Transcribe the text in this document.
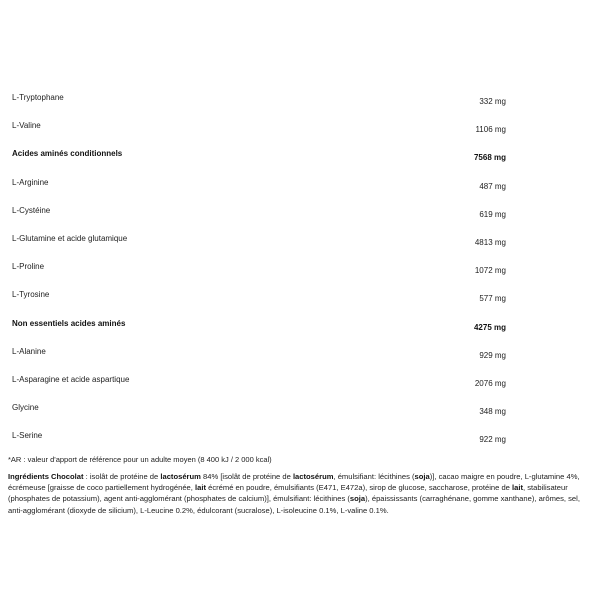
L-Tryptophane	332 mg
L-Valine	1106 mg
Acides aminés conditionnels	7568 mg
L-Arginine	487 mg
L-Cystéine	619 mg
L-Glutamine et acide glutamique	4813 mg
L-Proline	1072 mg
L-Tyrosine	577 mg
Non essentiels acides aminés	4275 mg
L-Alanine	929 mg
L-Asparagine et acide aspartique	2076 mg
Glycine	348 mg
L-Serine	922 mg
*AR : valeur d'apport de référence pour un adulte moyen (8 400 kJ / 2 000 kcal)
Ingrédients Chocolat : isolât de protéine de lactosérum 84% [isolât de protéine de lactosérum, émulsifiant: lécithines (soja)], cacao maigre en poudre, L-glutamine 4%, écrémeuse [graisse de coco partiellement hydrogénée, lait écrémé en poudre, émulsifiants (E471, E472a), sirop de glucose, saccharose, protéine de lait, stabilisateur (phosphates de potassium), agent anti-agglomérant (phosphates de calcium)], émulsifiant: lécithines (soja), épaississants (carraghénane, gomme xanthane), arômes, sel, anti-agglomérant (dioxyde de silicium), L-Leucine 0.2%, édulcorant (sucralose), L-isoleucine 0.1%, L-valine 0.1%.
